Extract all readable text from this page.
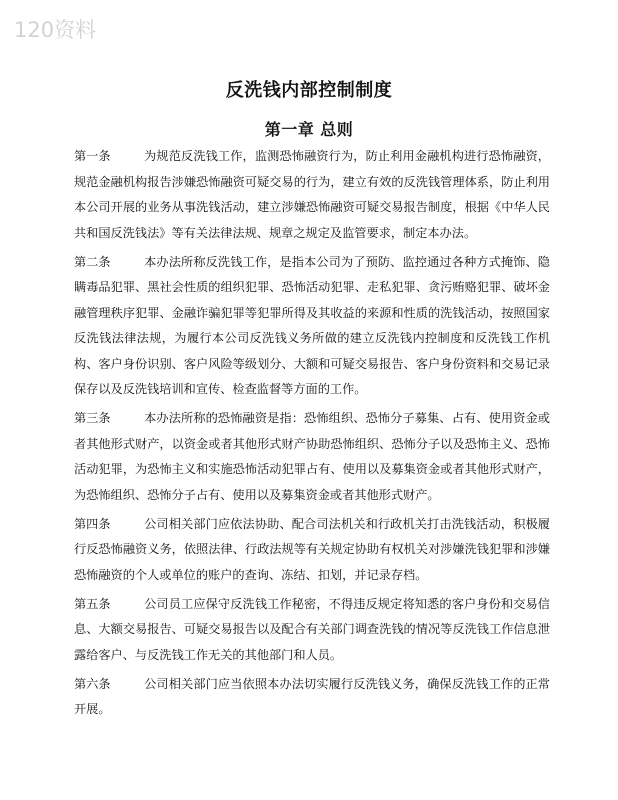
120资料
反洗钱内部控制制度
第一章 总则

第一条	为规范反洗钱工作，监测恐怖融资行为，防止利用金融机构进行恐怖融资，规范金融机构报告涉嫌恐怖融资可疑交易的行为，建立有效的反洗钱管理体系，防止利用本公司开展的业务从事洗钱活动，建立涉嫌恐怖融资可疑交易报告制度，根据《中华人民共和国反洗钱法》等有关法律法规、规章之规定及监管要求，制定本办法。

第二条	本办法所称反洗钱工作，是指本公司为了预防、监控通过各种方式掩饰、隐瞒毒品犯罪、黑社会性质的组织犯罪、恐怖活动犯罪、走私犯罪、贪污贿赂犯罪、破坏金融管理秩序犯罪、金融诈骗犯罪等犯罪所得及其收益的来源和性质的洗钱活动，按照国家反洗钱法律法规，为履行本公司反洗钱义务所做的建立反洗钱内控制度和反洗钱工作机构、客户身份识别、客户风险等级划分、大额和可疑交易报告、客户身份资料和交易记录保存以及反洗钱培训和宣传、检查监督等方面的工作。

第三条	本办法所称的恐怖融资是指：恐怖组织、恐怖分子募集、占有、使用资金或者其他形式财产，以资金或者其他形式财产协助恐怖组织、恐怖分子以及恐怖主义、恐怖活动犯罪，为恐怖主义和实施恐怖活动犯罪占有、使用以及募集资金或者其他形式财产，为恐怖组织、恐怖分子占有、使用以及募集资金或者其他形式财产。

第四条	公司相关部门应依法协助、配合司法机关和行政机关打击洗钱活动，积极履行反恐怖融资义务，依照法律、行政法规等有关规定协助有权机关对涉嫌洗钱犯罪和涉嫌恐怖融资的个人或单位的账户的查询、冻结、扣划，并记录存档。

第五条	公司员工应保守反洗钱工作秘密，不得违反规定将知悉的客户身份和交易信息、大额交易报告、可疑交易报告以及配合有关部门调查洗钱的情况等反洗钱工作信息泄露给客户、与反洗钱工作无关的其他部门和人员。

第六条	公司相关部门应当依照本办法切实履行反洗钱义务，确保反洗钱工作的正常开展。
